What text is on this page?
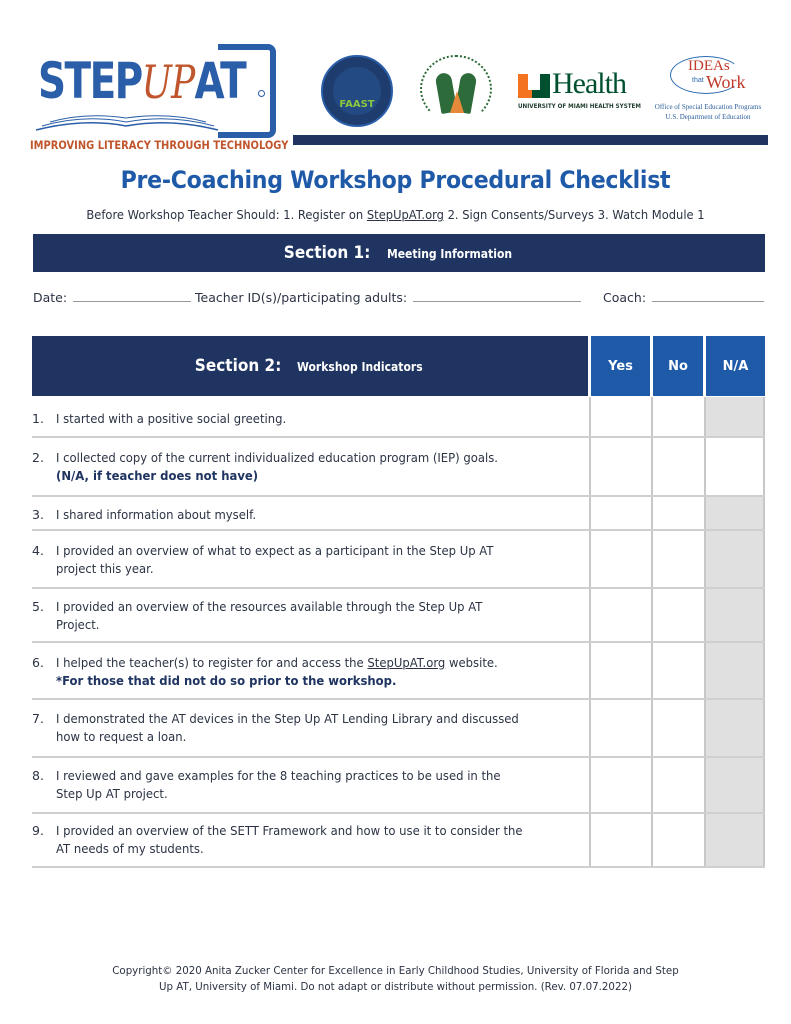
STEPUPAT
IMPROVING LITERACY THROUGH TECHNOLOGY
FAAST
Health
UNIVERSITY OF MIAMI HEALTH SYSTEM
IDEAs
that Work
Office of Special Education Programs
U.S. Department of Education
Pre-Coaching Workshop Procedural Checklist
Before Workshop Teacher Should: 1. Register on StepUpAT.org 2. Sign Consents/Surveys 3. Watch Module 1
Section 1: Meeting Information
Date:	Teacher ID(s)/participating adults:	Coach:
Section 2: Workshop Indicators	Yes	No	N/A
1. I started with a positive social greeting.
2. I collected copy of the current individualized education program (IEP) goals.
(N/A, if teacher does not have)
3. I shared information about myself.
4. I provided an overview of what to expect as a participant in the Step Up AT
project this year.
5. I provided an overview of the resources available through the Step Up AT
Project.
6. I helped the teacher(s) to register for and access the StepUpAT.org website.
*For those that did not do so prior to the workshop.
7. I demonstrated the AT devices in the Step Up AT Lending Library and discussed
how to request a loan.
8. I reviewed and gave examples for the 8 teaching practices to be used in the
Step Up AT project.
9. I provided an overview of the SETT Framework and how to use it to consider the
AT needs of my students.
Copyright© 2020 Anita Zucker Center for Excellence in Early Childhood Studies, University of Florida and Step
Up AT, University of Miami. Do not adapt or distribute without permission. (Rev. 07.07.2022)
